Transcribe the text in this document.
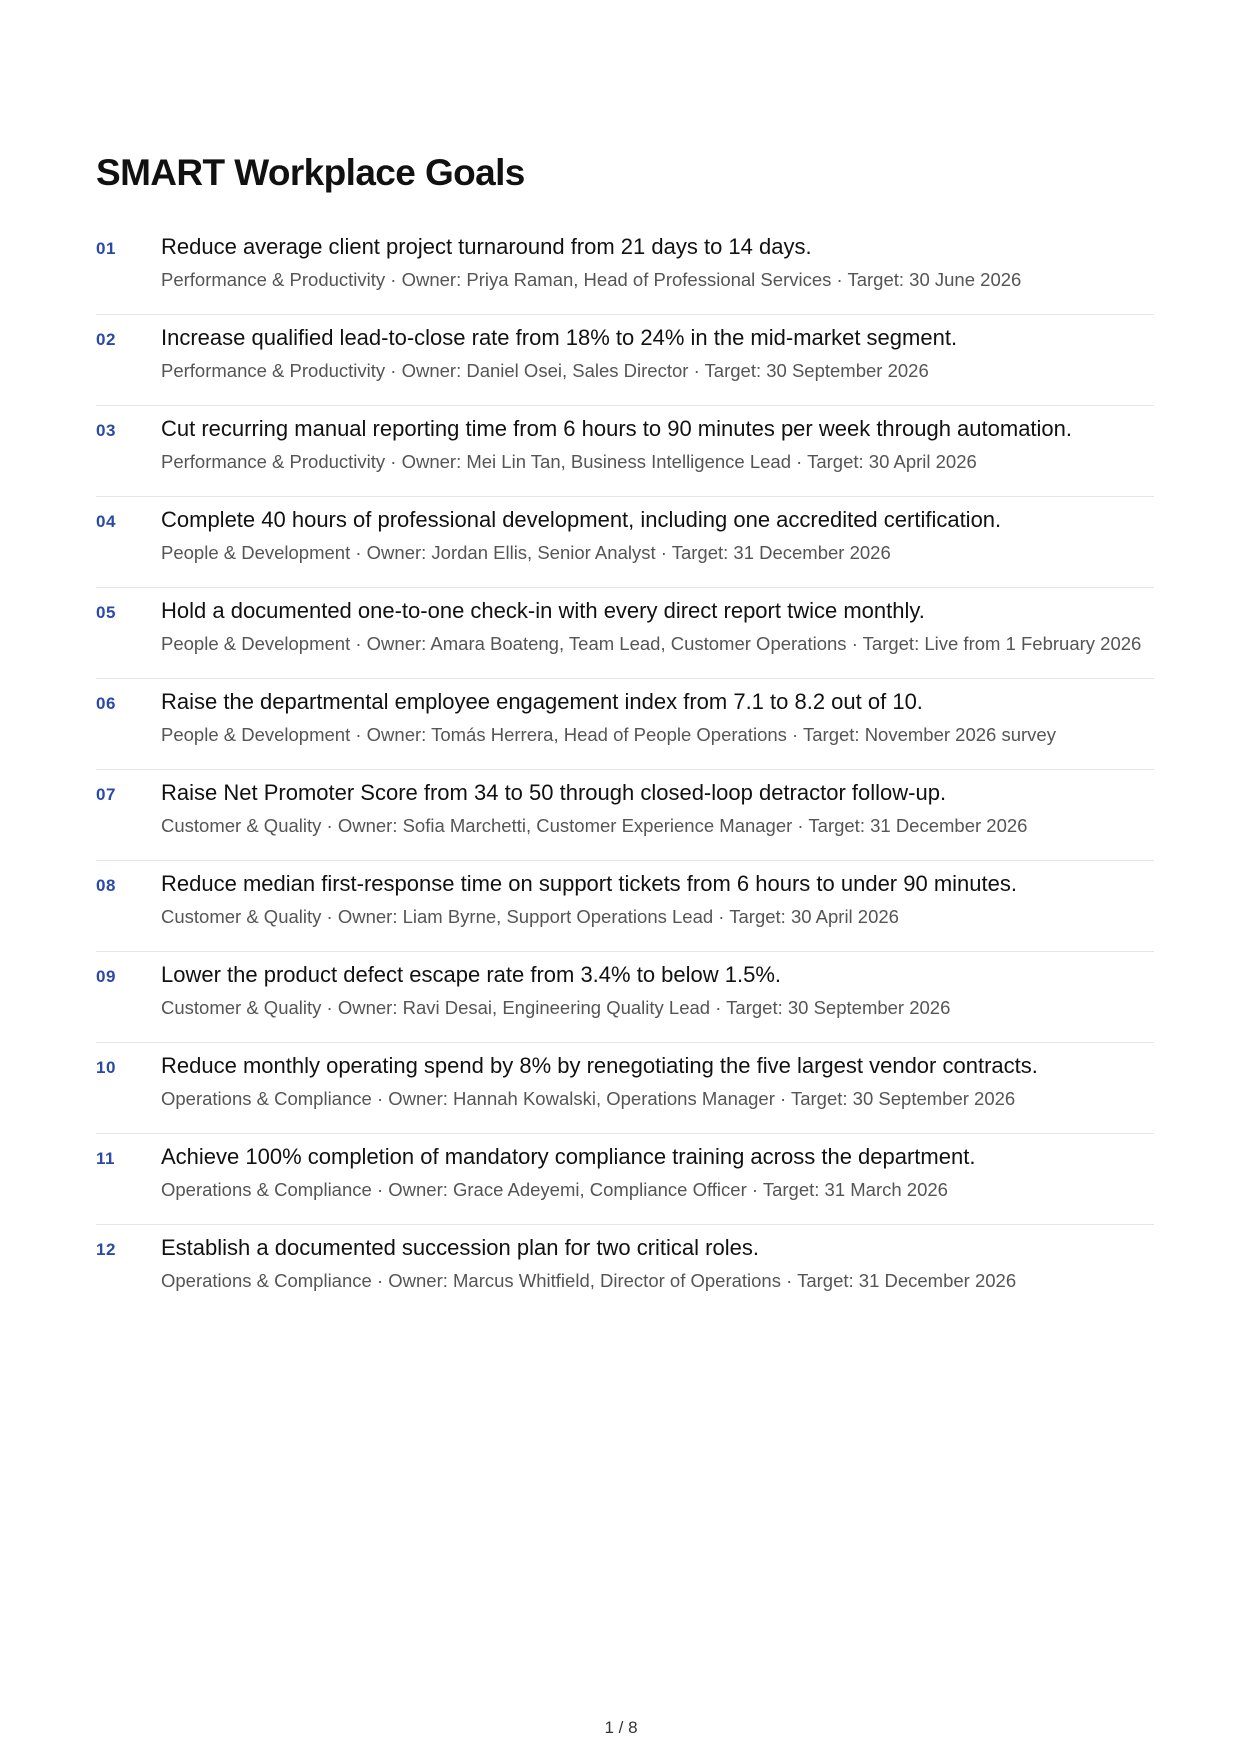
SMART Workplace Goals
01 Reduce average client project turnaround from 21 days to 14 days.
Performance & Productivity · Owner: Priya Raman, Head of Professional Services · Target: 30 June 2026
02 Increase qualified lead-to-close rate from 18% to 24% in the mid-market segment.
Performance & Productivity · Owner: Daniel Osei, Sales Director · Target: 30 September 2026
03 Cut recurring manual reporting time from 6 hours to 90 minutes per week through automation.
Performance & Productivity · Owner: Mei Lin Tan, Business Intelligence Lead · Target: 30 April 2026
04 Complete 40 hours of professional development, including one accredited certification.
People & Development · Owner: Jordan Ellis, Senior Analyst · Target: 31 December 2026
05 Hold a documented one-to-one check-in with every direct report twice monthly.
People & Development · Owner: Amara Boateng, Team Lead, Customer Operations · Target: Live from 1 February 2026
06 Raise the departmental employee engagement index from 7.1 to 8.2 out of 10.
People & Development · Owner: Tomás Herrera, Head of People Operations · Target: November 2026 survey
07 Raise Net Promoter Score from 34 to 50 through closed-loop detractor follow-up.
Customer & Quality · Owner: Sofia Marchetti, Customer Experience Manager · Target: 31 December 2026
08 Reduce median first-response time on support tickets from 6 hours to under 90 minutes.
Customer & Quality · Owner: Liam Byrne, Support Operations Lead · Target: 30 April 2026
09 Lower the product defect escape rate from 3.4% to below 1.5%.
Customer & Quality · Owner: Ravi Desai, Engineering Quality Lead · Target: 30 September 2026
10 Reduce monthly operating spend by 8% by renegotiating the five largest vendor contracts.
Operations & Compliance · Owner: Hannah Kowalski, Operations Manager · Target: 30 September 2026
11 Achieve 100% completion of mandatory compliance training across the department.
Operations & Compliance · Owner: Grace Adeyemi, Compliance Officer · Target: 31 March 2026
12 Establish a documented succession plan for two critical roles.
Operations & Compliance · Owner: Marcus Whitfield, Director of Operations · Target: 31 December 2026
1 / 8
